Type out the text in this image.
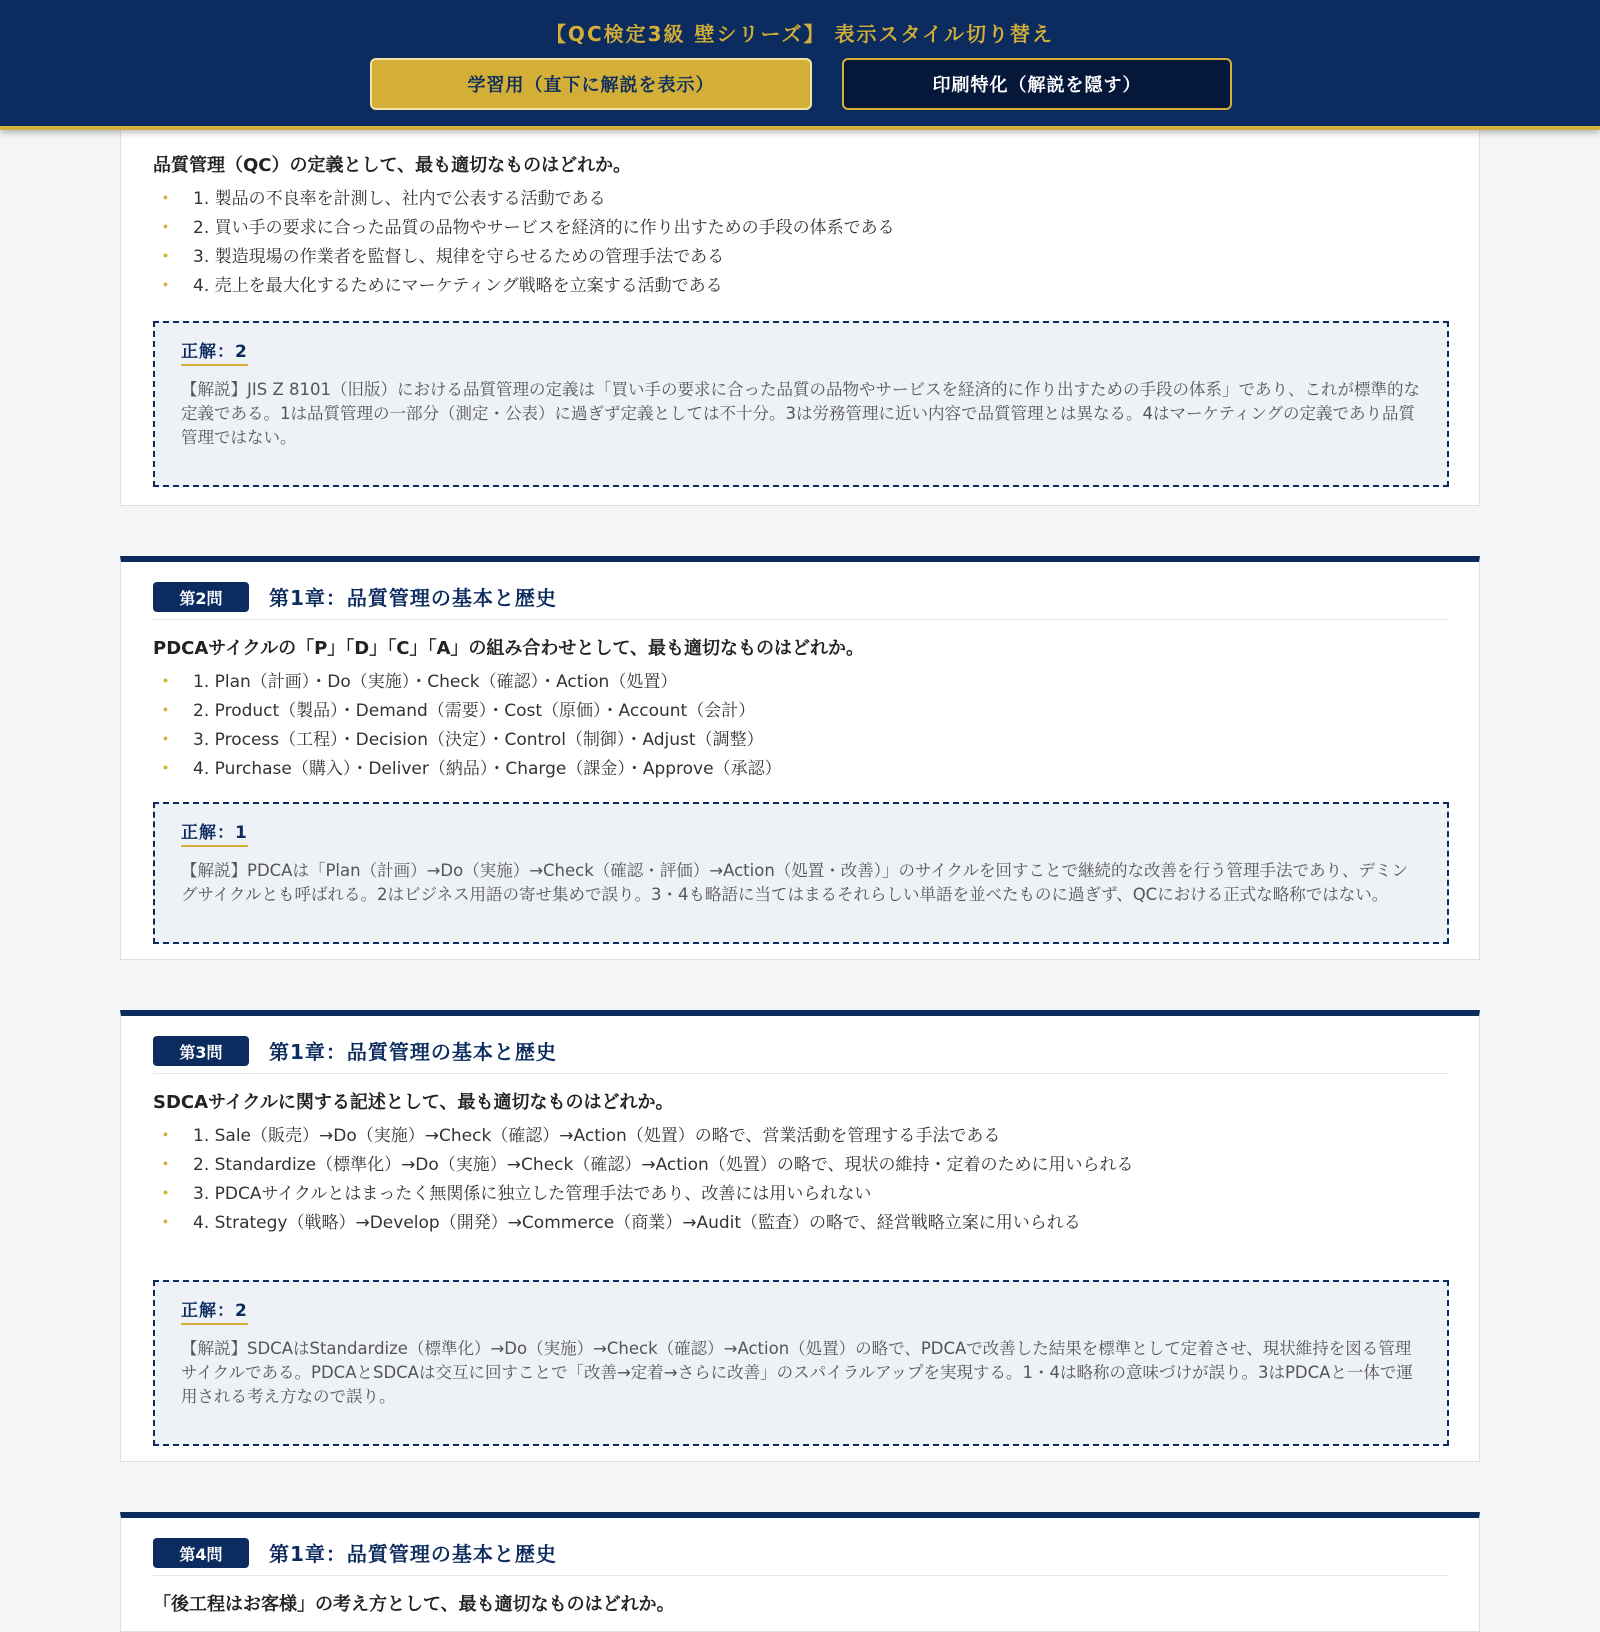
【QC検定3級 壁シリーズ】 表示スタイル切り替え
学習用（直下に解説を表示）	印刷特化（解説を隠す）
品質管理（QC）の定義として、最も適切なものはどれか。
・ 1. 製品の不良率を計測し、社内で公表する活動である
・ 2. 買い手の要求に合った品質の品物やサービスを経済的に作り出すための手段の体系である
・ 3. 製造現場の作業者を監督し、規律を守らせるための管理手法である
・ 4. 売上を最大化するためにマーケティング戦略を立案する活動である
正解：2
【解説】JIS Z 8101（旧版）における品質管理の定義は「買い手の要求に合った品質の品物やサービスを経済的に作り出すための手段の体系」であり、これが標準的な定義である。1は品質管理の一部分（測定・公表）に過ぎず定義としては不十分。3は労務管理に近い内容で品質管理とは異なる。4はマーケティングの定義であり品質管理ではない。
第2問	第1章：品質管理の基本と歴史
PDCAサイクルの「P」「D」「C」「A」の組み合わせとして、最も適切なものはどれか。
・ 1. Plan（計画）・Do（実施）・Check（確認）・Action（処置）
・ 2. Product（製品）・Demand（需要）・Cost（原価）・Account（会計）
・ 3. Process（工程）・Decision（決定）・Control（制御）・Adjust（調整）
・ 4. Purchase（購入）・Deliver（納品）・Charge（課金）・Approve（承認）
正解：1
【解説】PDCAは「Plan（計画）→Do（実施）→Check（確認・評価）→Action（処置・改善）」のサイクルを回すことで継続的な改善を行う管理手法であり、デミングサイクルとも呼ばれる。2はビジネス用語の寄せ集めで誤り。3・4も略語に当てはまるそれらしい単語を並べたものに過ぎず、QCにおける正式な略称ではない。
第3問	第1章：品質管理の基本と歴史
SDCAサイクルに関する記述として、最も適切なものはどれか。
・ 1. Sale（販売）→Do（実施）→Check（確認）→Action（処置）の略で、営業活動を管理する手法である
・ 2. Standardize（標準化）→Do（実施）→Check（確認）→Action（処置）の略で、現状の維持・定着のために用いられる
・ 3. PDCAサイクルとはまったく無関係に独立した管理手法であり、改善には用いられない
・ 4. Strategy（戦略）→Develop（開発）→Commerce（商業）→Audit（監査）の略で、経営戦略立案に用いられる
正解：2
【解説】SDCAはStandardize（標準化）→Do（実施）→Check（確認）→Action（処置）の略で、PDCAで改善した結果を標準として定着させ、現状維持を図る管理サイクルである。PDCAとSDCAは交互に回すことで「改善→定着→さらに改善」のスパイラルアップを実現する。1・4は略称の意味づけが誤り。3はPDCAと一体で運用される考え方なので誤り。
第4問	第1章：品質管理の基本と歴史
「後工程はお客様」の考え方として、最も適切なものはどれか。
